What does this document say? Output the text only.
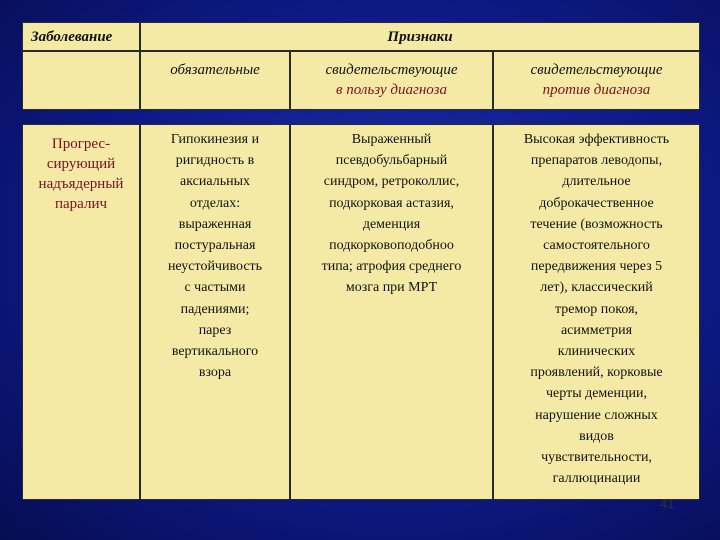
Заболевание	Признаки
обязательные	свидетельствующие
в пользу диагноза
свидетельствующие
против диагноза
Прогрес-
сирующий
надъядерный
паралич
Гипокинезия и
ригидность в
аксиальных
отделах:
выраженная
постуральная
неустойчивость
с частыми
падениями;
парез
вертикального
взора
Выраженный
псевдобульбарный
синдром, ретроколлис,
подкорковая астазия,
деменция
подкорковоподобноо
типа; атрофия среднего
мозга при МРТ
Высокая эффективность
препаратов леводопы,
длительное
доброкачественное
течение (возможность
самостоятельного
передвижения через 5
лет), классический
тремор покоя,
асимметрия
клинических
проявлений, корковые
черты деменции,
нарушение сложных
видов
чувствительности,
галлюцинации
41
